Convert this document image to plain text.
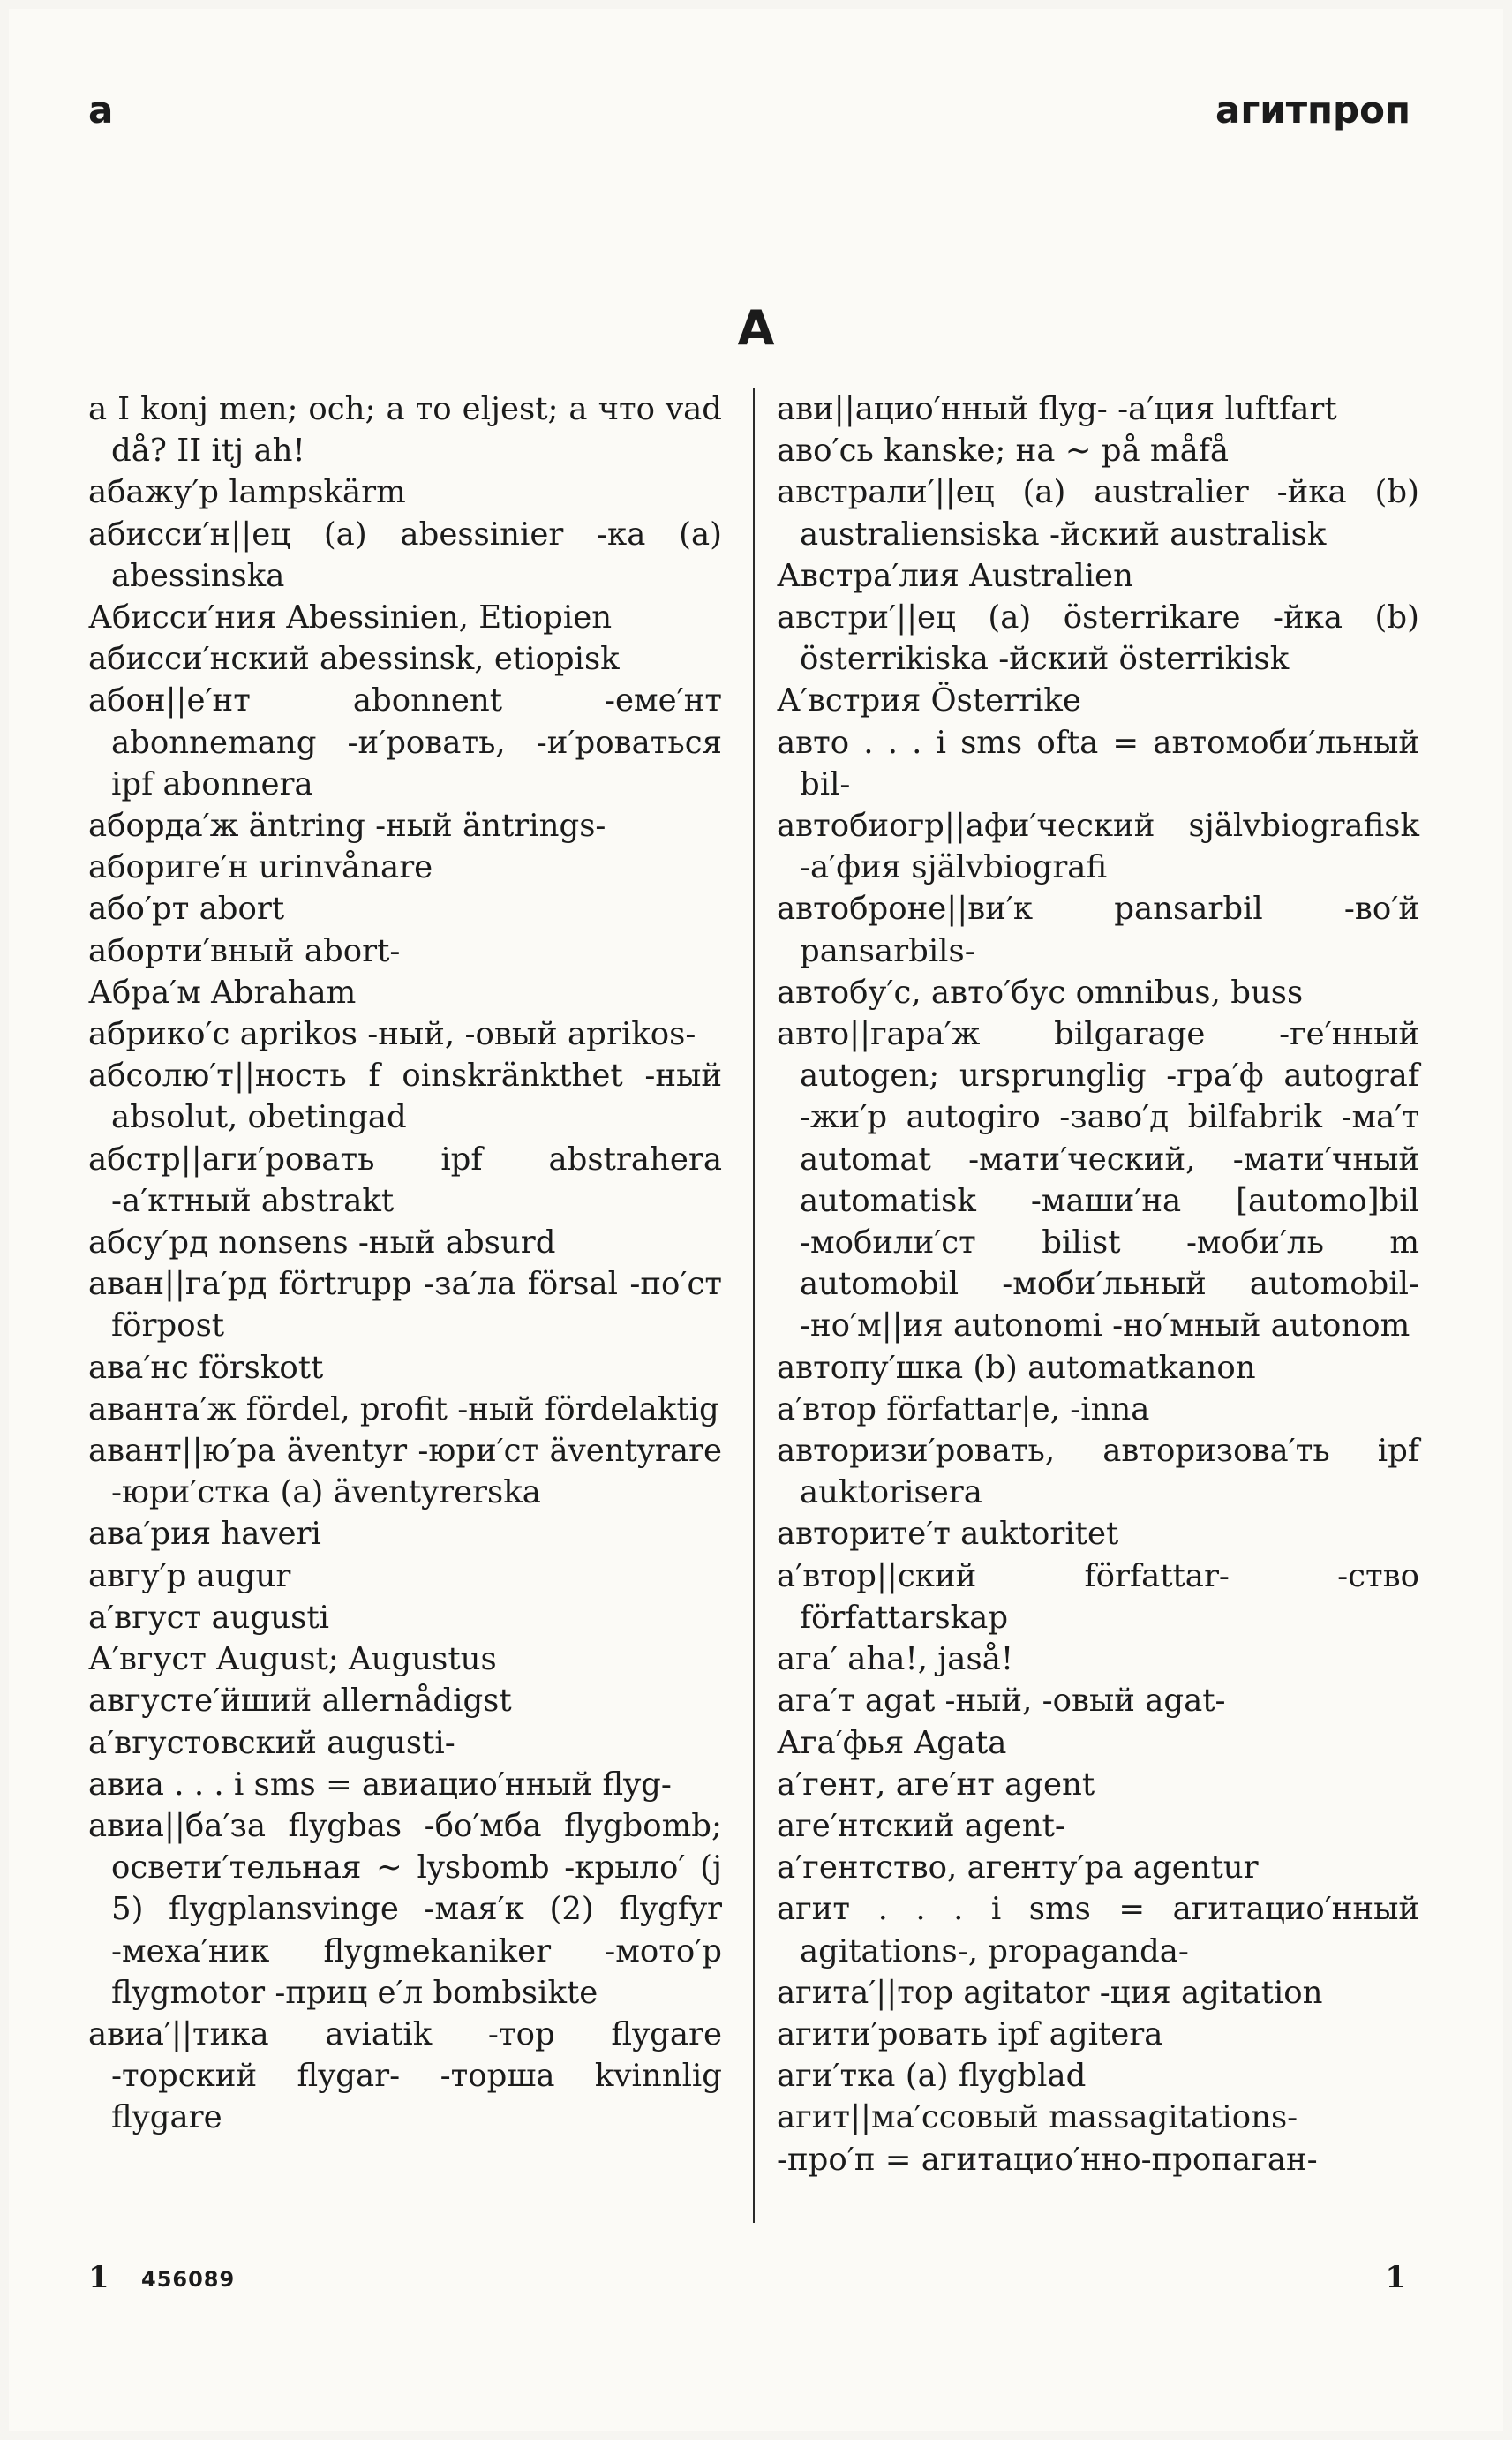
а	агитпроп
А

а I konj men; och; а то eljest; а что vad då? II itj ah!

абажу′р lampskärm

абисси′н||ец (a) abessinier -ка (a) abessinska

Абисси′ния Abessinien, Etiopien

абисси′нский abessinsk, etiopisk

абон||е′нт abonnent -еме′нт abonnemang -и′ровать, -и′роваться ipf abonnera

аборда′ж äntring -ный äntrings-

абориге′н urinvånare

або′рт abort

аборти′вный abort-

Абра′м Abraham

абрико′с aprikos -ный, -овый aprikos-

абсолю′т||ность f oinskränkthet -ный absolut, obetingad

абстр||аги′ровать ipf abstrahera -а′ктный abstrakt

абсу′рд nonsens -ный absurd

аван||га′рд förtrupp -за′ла försal -по′ст förpost

ава′нс förskott

аванта′ж fördel, profit -ный fördelaktig

авант||ю′ра äventyr -юри′ст äventyrare -юри′стка (a) äventyrerska

ава′рия haveri

авгу′р augur

а′вгуст augusti

А′вгуст August; Augustus

августе′йший allernådigst

а′вгустовский augusti-

авиа . . . i sms = авиацио′нный flyg-

авиа||ба′за flygbas -бо′мба flygbomb; освети′тельная ~ lysbomb -крыло′ (j 5) flygplansvinge -мая′к (2) flygfyr -меха′ник flygmekaniker -мото′р flygmotor -приц е′л bombsikte

авиа′||тика aviatik -тор flygare -торский flygar- -торша kvinnlig flygare

ави||ацио′нный flyg- -а′ция luftfart

аво′сь kanske; на ~ på måfå

австрали′||ец (a) australier -йка (b) australiensiska -йский australisk

Австра′лия Australien

австри′||ец (a) österrikare -йка (b) österrikiska -йский österrikisk

А′встрия Österrike

авто . . . i sms ofta = автомоби′льный bil-

автобиогр||афи′ческий självbiografisk -а′фия självbiografi

автоброне||ви′к pansarbil -во′й pansarbils-

автобу′с, авто′бус omnibus, buss

авто||гара′ж bilgarage -ге′нный autogen; ursprunglig -гра′ф autograf -жи′р autogiro -заво′д bilfabrik -ма′т automat -мати′ческий, -мати′чный automatisk -маши′на [automo]bil -мобили′ст bilist -моби′ль m automobil -моби′льный automobil- -но′м||ия autonomi -но′мный autonom

автопу′шка (b) automatkanon

а′втор författar|e, -inna

авторизи′ровать, авторизова′ть ipf auktorisera

авторите′т auktoritet

а′втор||ский författar- -ство författarskap

ага′ aha!, jaså!

ага′т agat -ный, -овый agat-

Ага′фья Agata

а′гент, аге′нт agent

аге′нтский agent-

а′гентство, агенту′ра agentur

агит . . . i sms = агитацио′нный agitations-, propaganda-

агита′||тор agitator -ция agitation

агити′ровать ipf agitera

аги′тка (a) flygblad

агит||ма′ссовый massagitations-

-про′п = агитацио′нно-пропаган-

1 456089	1
